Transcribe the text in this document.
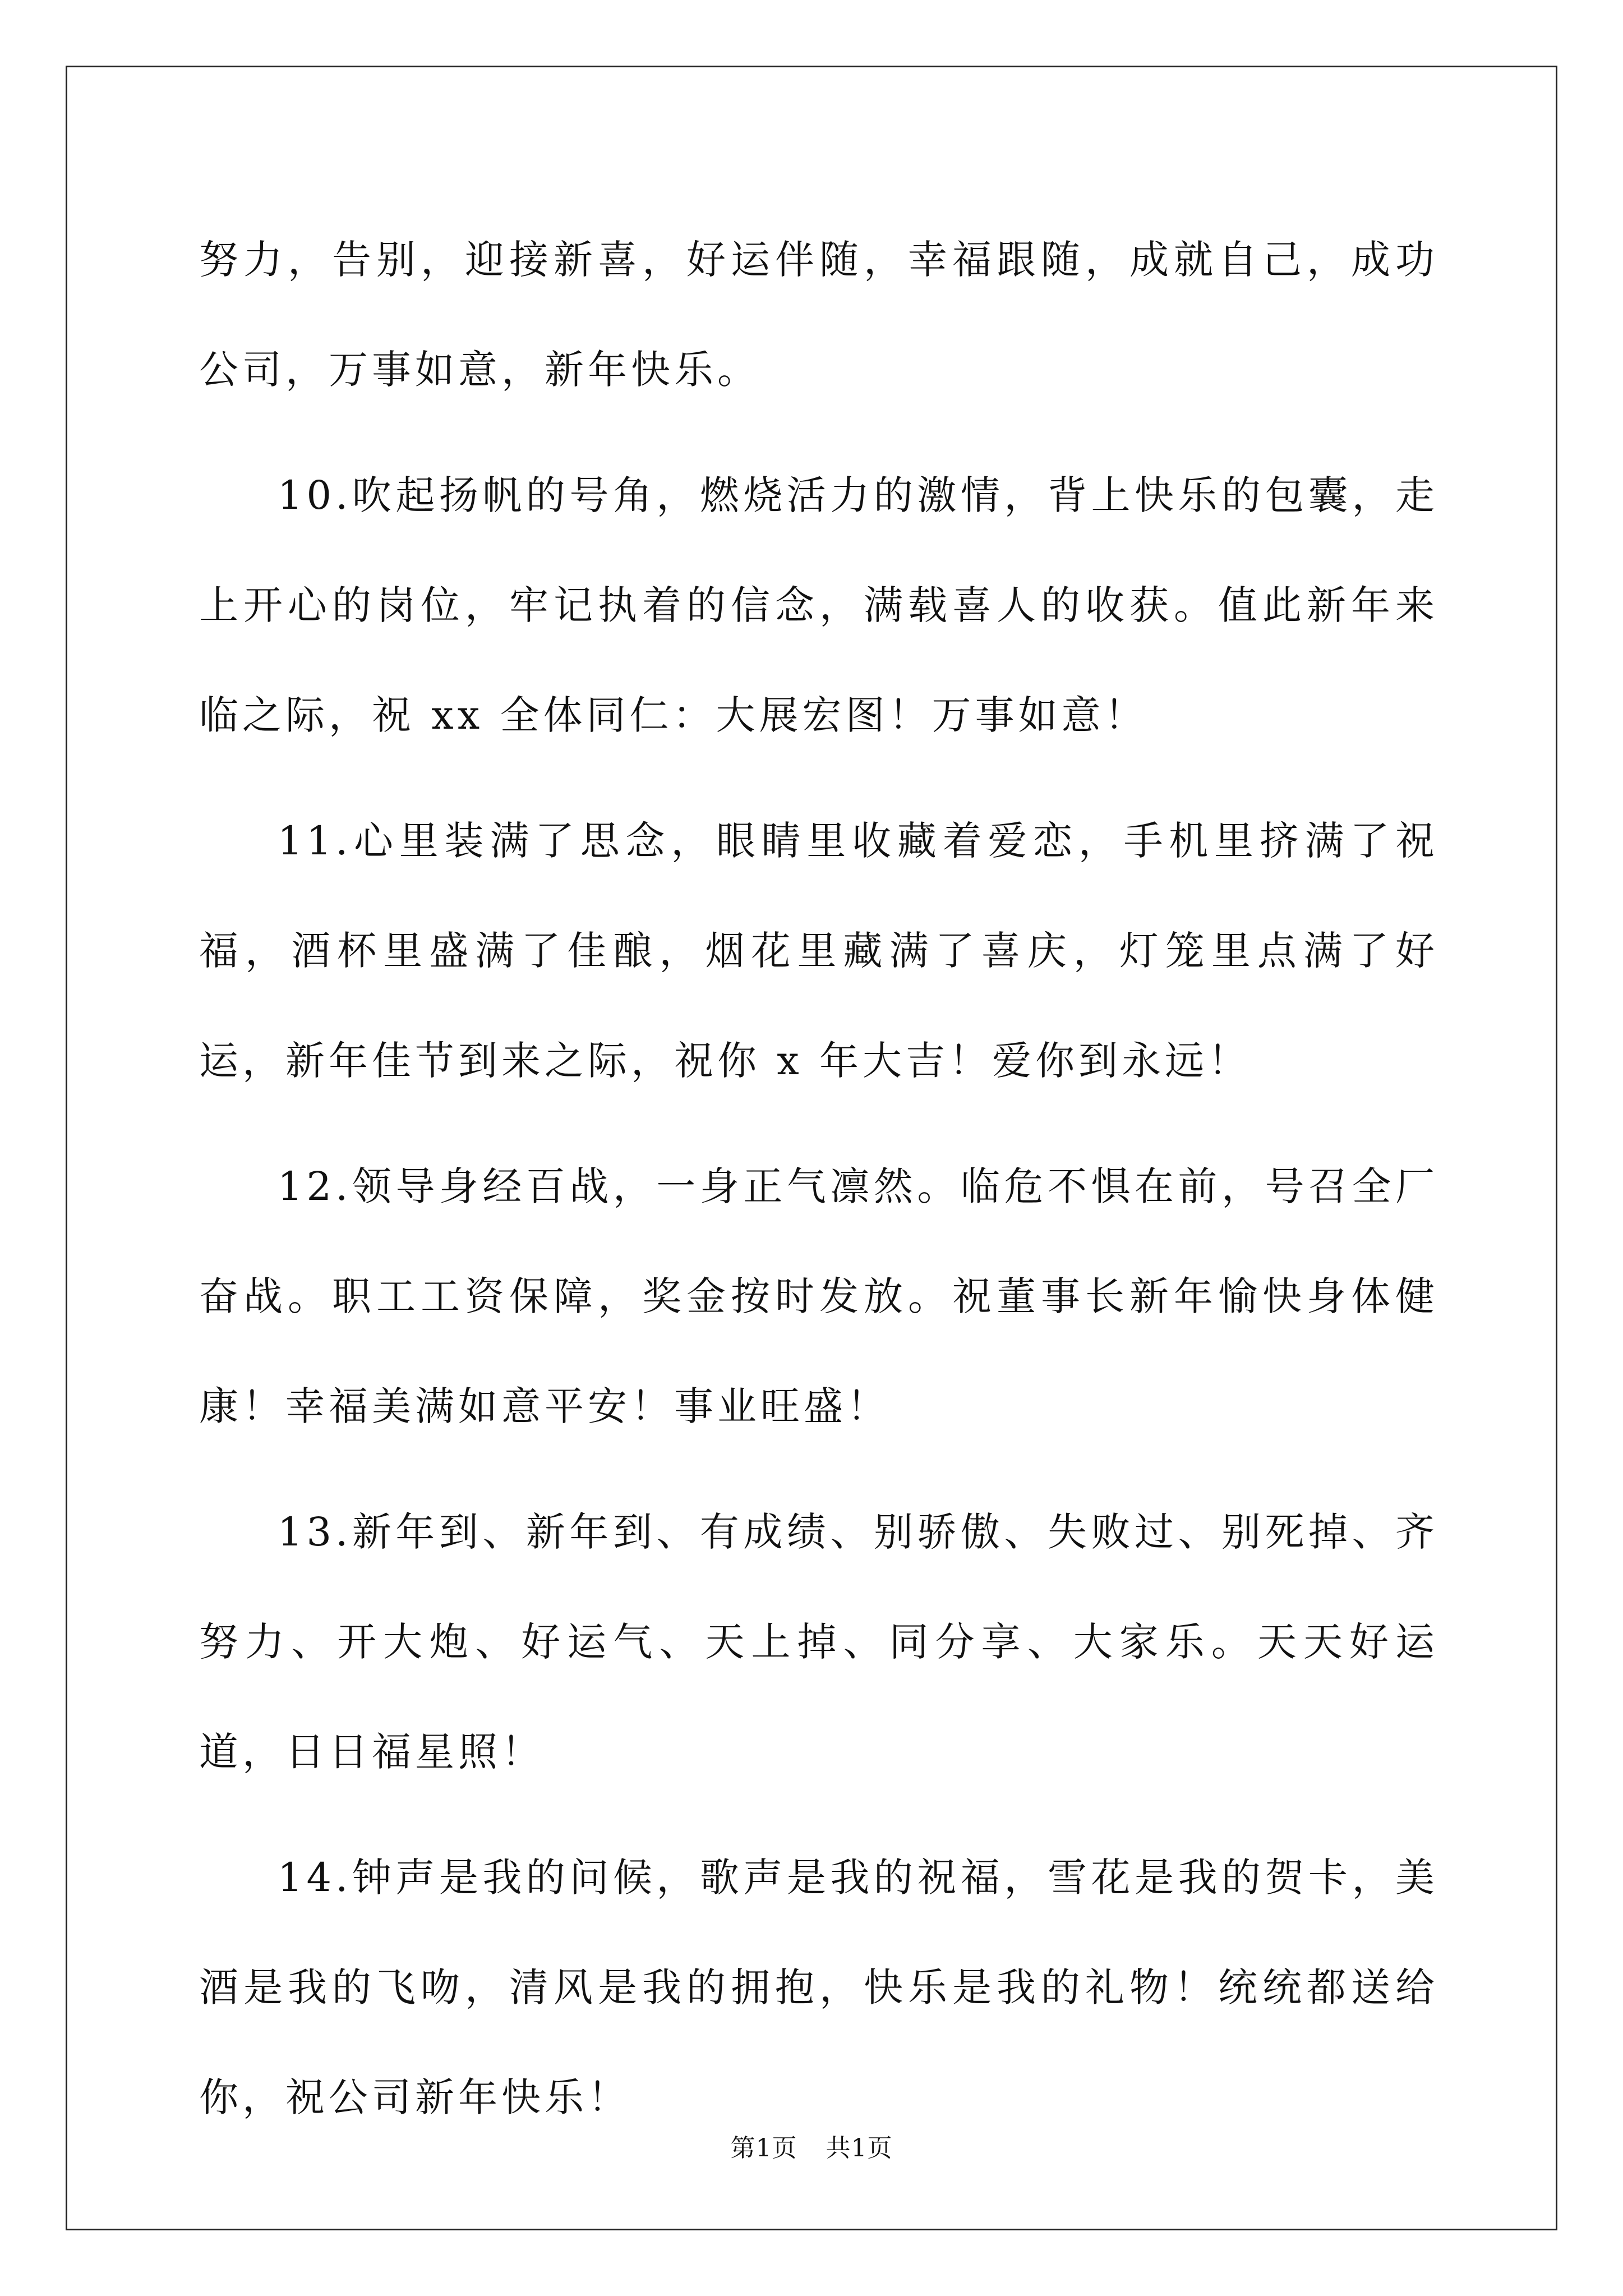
努力，告别，迎接新喜，好运伴随，幸福跟随，成就自己，成功公司，万事如意，新年快乐。

10.吹起扬帆的号角，燃烧活力的激情，背上快乐的包囊，走上开心的岗位，牢记执着的信念，满载喜人的收获。值此新年来临之际，祝 xx 全体同仁：大展宏图！万事如意！

11.心里装满了思念，眼睛里收藏着爱恋，手机里挤满了祝福，酒杯里盛满了佳酿，烟花里藏满了喜庆，灯笼里点满了好运，新年佳节到来之际，祝你 x 年大吉！爱你到永远！

12.领导身经百战，一身正气凛然。临危不惧在前，号召全厂奋战。职工工资保障，奖金按时发放。祝董事长新年愉快身体健康！幸福美满如意平安！事业旺盛！

13.新年到、新年到、有成绩、别骄傲、失败过、别死掉、齐努力、开大炮、好运气、天上掉、同分享、大家乐。天天好运道，日日福星照！

14.钟声是我的问候，歌声是我的祝福，雪花是我的贺卡，美酒是我的飞吻，清风是我的拥抱，快乐是我的礼物！统统都送给你，祝公司新年快乐！

第1页 共1页
